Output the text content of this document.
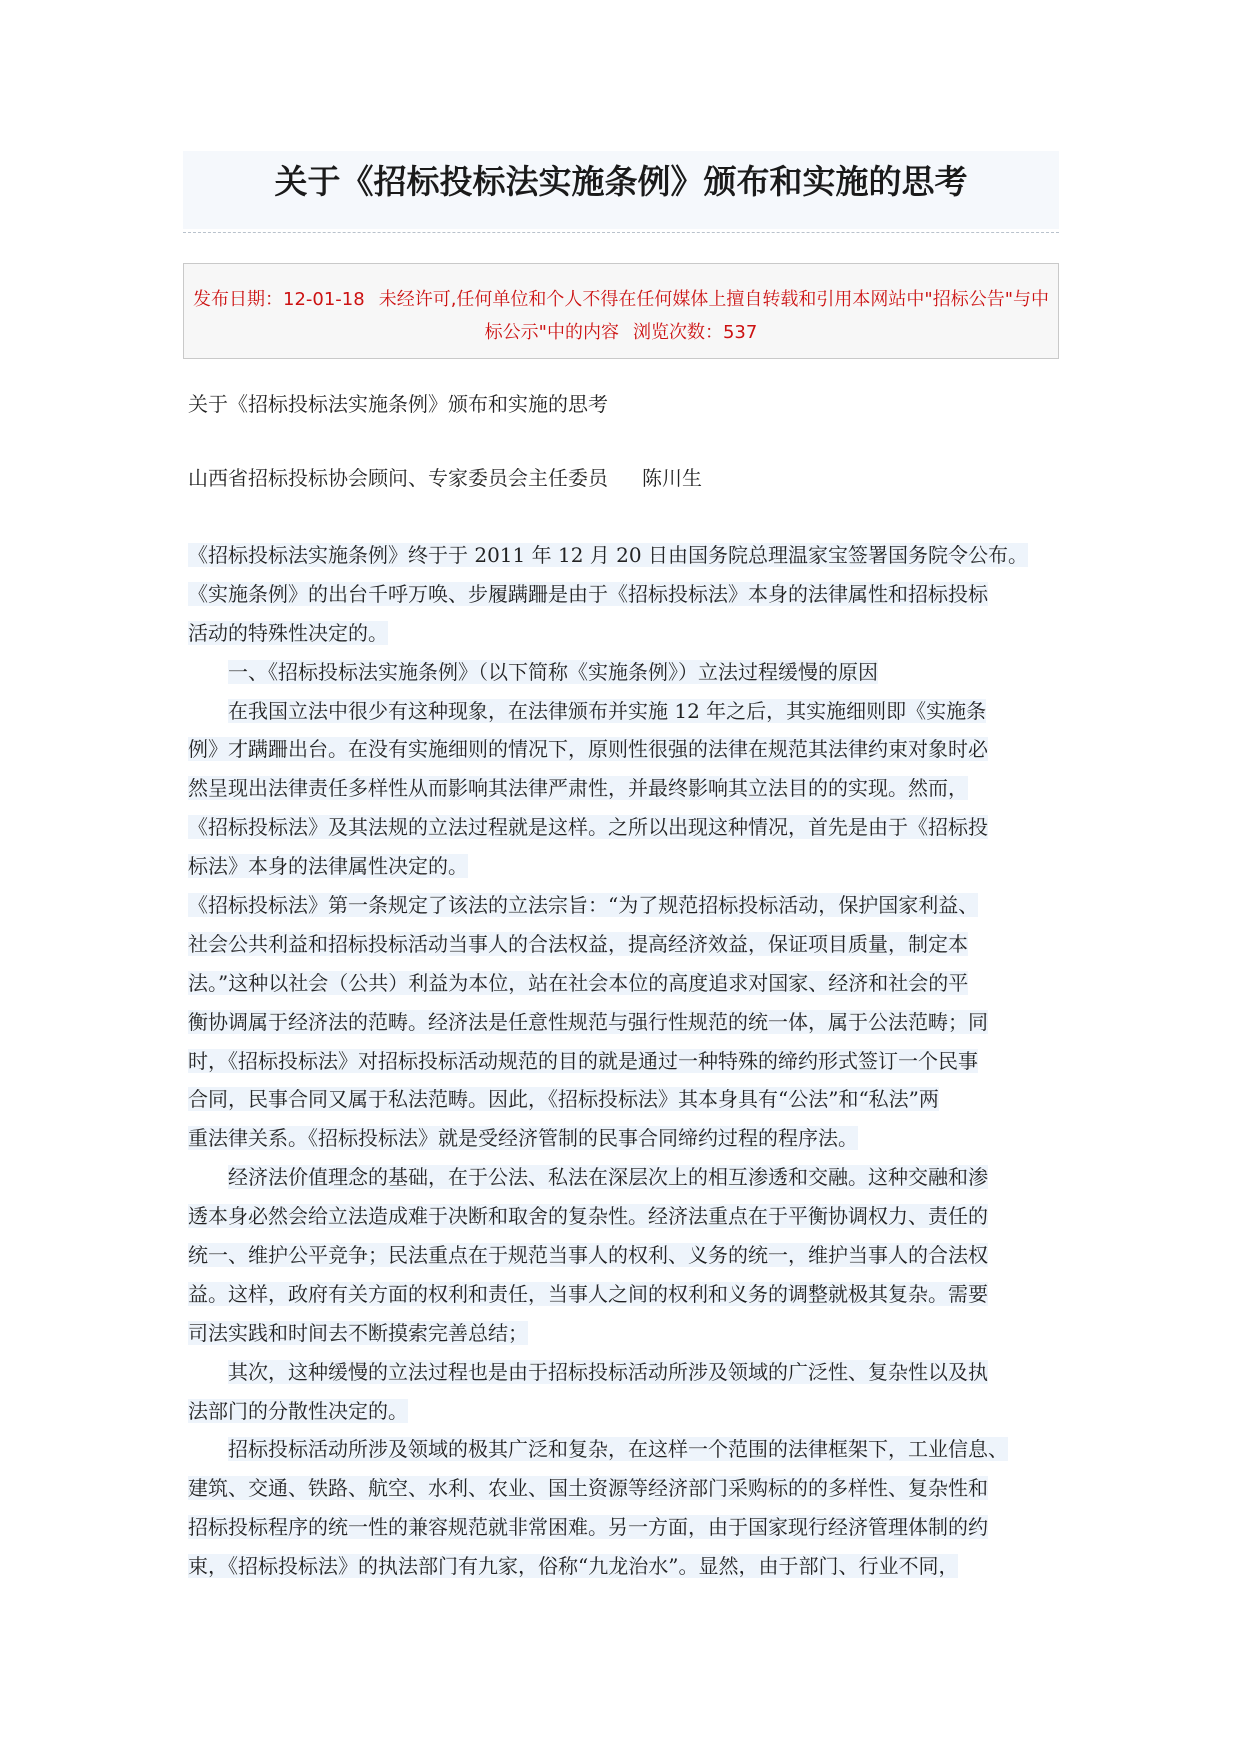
关于《招标投标法实施条例》颁布和实施的思考
发布日期：12-01-18 未经许可,任何单位和个人不得在任何媒体上擅自转载和引用本网站中"招标公告"与中
标公示"中的内容 浏览次数：537
关于《招标投标法实施条例》颁布和实施的思考
山西省招标投标协会顾问、专家委员会主任委员 陈川生
《招标投标法实施条例》终于于 2011 年 12 月 20 日由国务院总理温家宝签署国务院令公布。
《实施条例》的出台千呼万唤、步履蹒跚是由于《招标投标法》本身的法律属性和招标投标
活动的特殊性决定的。
一、《招标投标法实施条例》（以下简称《实施条例》）立法过程缓慢的原因
在我国立法中很少有这种现象，在法律颁布并实施 12 年之后，其实施细则即《实施条
例》才蹒跚出台。在没有实施细则的情况下，原则性很强的法律在规范其法律约束对象时必
然呈现出法律责任多样性从而影响其法律严肃性，并最终影响其立法目的的实现。然而，
《招标投标法》及其法规的立法过程就是这样。之所以出现这种情况，首先是由于《招标投
标法》本身的法律属性决定的。
《招标投标法》第一条规定了该法的立法宗旨：“为了规范招标投标活动，保护国家利益、
社会公共利益和招标投标活动当事人的合法权益，提高经济效益，保证项目质量，制定本
法。”这种以社会（公共）利益为本位，站在社会本位的高度追求对国家、经济和社会的平
衡协调属于经济法的范畴。经济法是任意性规范与强行性规范的统一体，属于公法范畴；同
时，《招标投标法》对招标投标活动规范的目的就是通过一种特殊的缔约形式签订一个民事
合同，民事合同又属于私法范畴。因此，《招标投标法》其本身具有“公法”和“私法”两
重法律关系。《招标投标法》就是受经济管制的民事合同缔约过程的程序法。
经济法价值理念的基础，在于公法、私法在深层次上的相互渗透和交融。这种交融和渗
透本身必然会给立法造成难于决断和取舍的复杂性。经济法重点在于平衡协调权力、责任的
统一、维护公平竞争；民法重点在于规范当事人的权利、义务的统一，维护当事人的合法权
益。这样，政府有关方面的权利和责任，当事人之间的权利和义务的调整就极其复杂。需要
司法实践和时间去不断摸索完善总结；
其次，这种缓慢的立法过程也是由于招标投标活动所涉及领域的广泛性、复杂性以及执
法部门的分散性决定的。
招标投标活动所涉及领域的极其广泛和复杂，在这样一个范围的法律框架下，工业信息、
建筑、交通、铁路、航空、水利、农业、国土资源等经济部门采购标的的多样性、复杂性和
招标投标程序的统一性的兼容规范就非常困难。另一方面，由于国家现行经济管理体制的约
束，《招标投标法》的执法部门有九家，俗称“九龙治水”。显然，由于部门、行业不同，
